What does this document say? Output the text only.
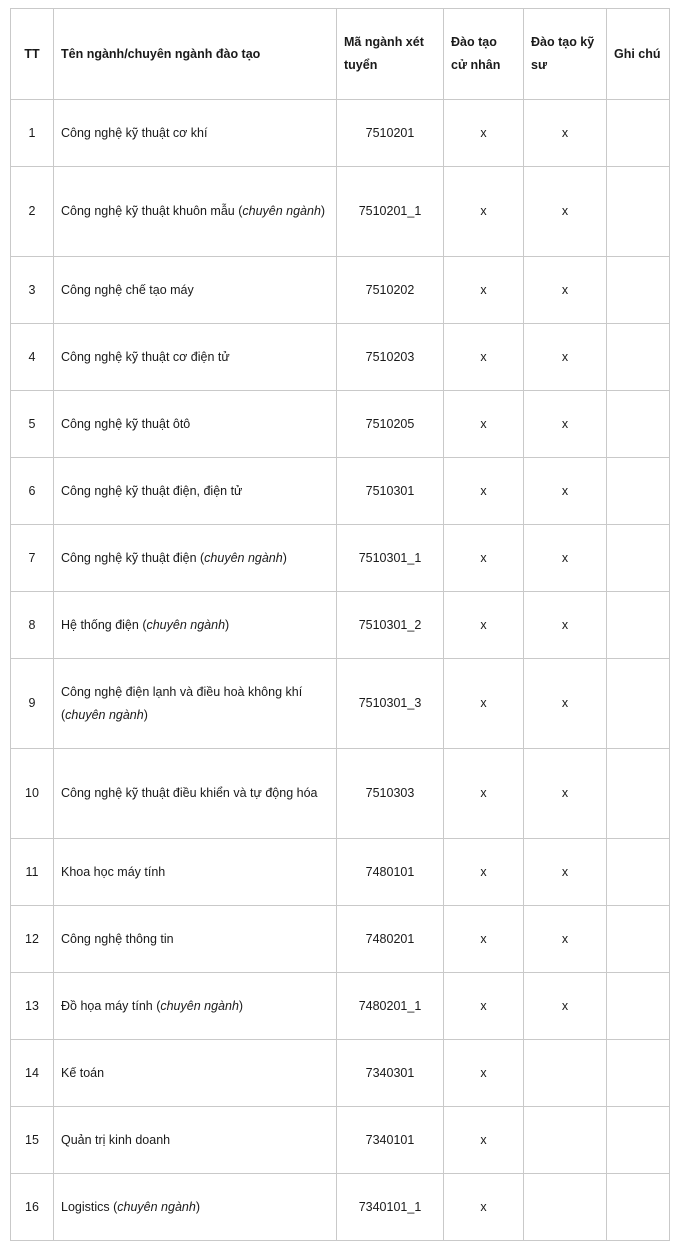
TT	Tên ngành/chuyên ngành đào tạo	Mã ngành xét tuyển	Đào tạo cử nhân	Đào tạo kỹ sư	Ghi chú
1	Công nghệ kỹ thuật cơ khí	7510201	x	x	
2	Công nghệ kỹ thuật khuôn mẫu (chuyên ngành)	7510201_1	x	x	
3	Công nghệ chế tạo máy	7510202	x	x	
4	Công nghệ kỹ thuật cơ điện tử	7510203	x	x	
5	Công nghệ kỹ thuật ôtô	7510205	x	x	
6	Công nghệ kỹ thuật điện, điện tử	7510301	x	x	
7	Công nghệ kỹ thuật điện (chuyên ngành)	7510301_1	x	x	
8	Hệ thống điện (chuyên ngành)	7510301_2	x	x	
9	Công nghệ điện lạnh và điều hoà không khí (chuyên ngành)	7510301_3	x	x	
10	Công nghệ kỹ thuật điều khiển và tự động hóa	7510303	x	x	
11	Khoa học máy tính	7480101	x	x	
12	Công nghệ thông tin	7480201	x	x	
13	Đồ họa máy tính (chuyên ngành)	7480201_1	x	x	
14	Kế toán	7340301	x		
15	Quản trị kinh doanh	7340101	x		
16	Logistics (chuyên ngành)	7340101_1	x		
